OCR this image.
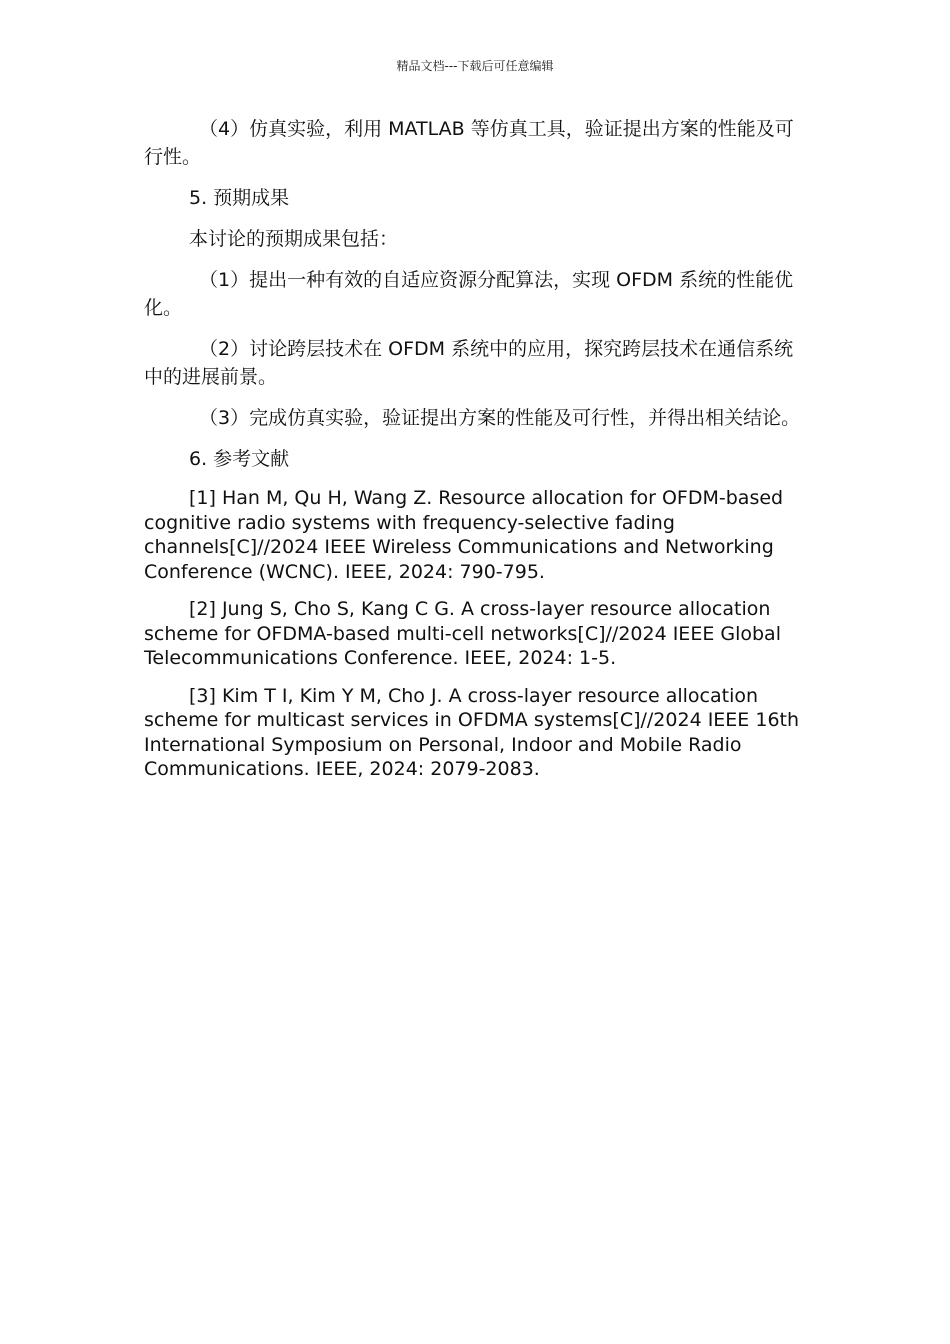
精品文档---下载后可任意编辑

（4）仿真实验，利用 MATLAB 等仿真工具，验证提出方案的性能及可行性。

5. 预期成果

本讨论的预期成果包括：

（1）提出一种有效的自适应资源分配算法，实现 OFDM 系统的性能优化。

（2）讨论跨层技术在 OFDM 系统中的应用，探究跨层技术在通信系统中的进展前景。

（3）完成仿真实验，验证提出方案的性能及可行性，并得出相关结论。

6. 参考文献

[1] Han M, Qu H, Wang Z. Resource allocation for OFDM-based cognitive radio systems with frequency-selective fading channels[C]//2024 IEEE Wireless Communications and Networking Conference (WCNC). IEEE, 2024: 790-795.

[2] Jung S, Cho S, Kang C G. A cross-layer resource allocation scheme for OFDMA-based multi-cell networks[C]//2024 IEEE Global Telecommunications Conference. IEEE, 2024: 1-5.

[3] Kim T I, Kim Y M, Cho J. A cross-layer resource allocation scheme for multicast services in OFDMA systems[C]//2024 IEEE 16th International Symposium on Personal, Indoor and Mobile Radio Communications. IEEE, 2024: 2079-2083.
